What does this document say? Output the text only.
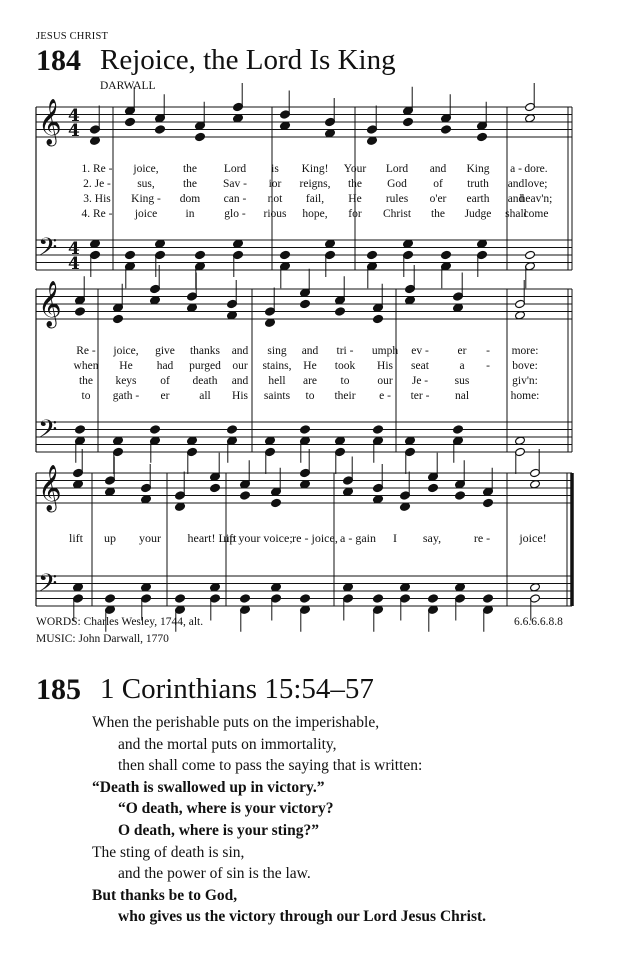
JESUS CHRIST
184 Rejoice, the Lord Is King
DARWALL
𝄞
𝄢
4
4
4
4
𝄞
𝄢
𝄞
𝄢
1. Re - joice, the Lord is King! Your Lord and King a - dore.
2. Je - sus, the Sav - ior reigns, the God of truth and love;
3. His King - dom can - not fail, He rules o'er earth and
heav'n;
4. Re - joice in	glo - rious hope, for Christ the Judge shall
come
Re - joice, give thanks and sing and tri - umph ev -	er - more:
when He had purged our stains, He took His seat	a - bove:
the keys of death and hell are to our Je - sus	giv'n:
to gath - er	all His saints to their e - ter - nal	home:
lift up your heart! Lift
up your voice; re - joice, a - gain I say,	re - joice!
WORDS: Charles Wesley, 1744, alt.
MUSIC: John Darwall, 1770
6.6.6.6.8.8
185 1 Corinthians 15:54–57
When the perishable puts on the imperishable,
and the mortal puts on immortality,
then shall come to pass the saying that is written:
“Death is swallowed up in victory.”
“O death, where is your victory?
O death, where is your sting?”
The sting of death is sin,
and the power of sin is the law.
But thanks be to God,
who gives us the victory through our Lord Jesus Christ.
